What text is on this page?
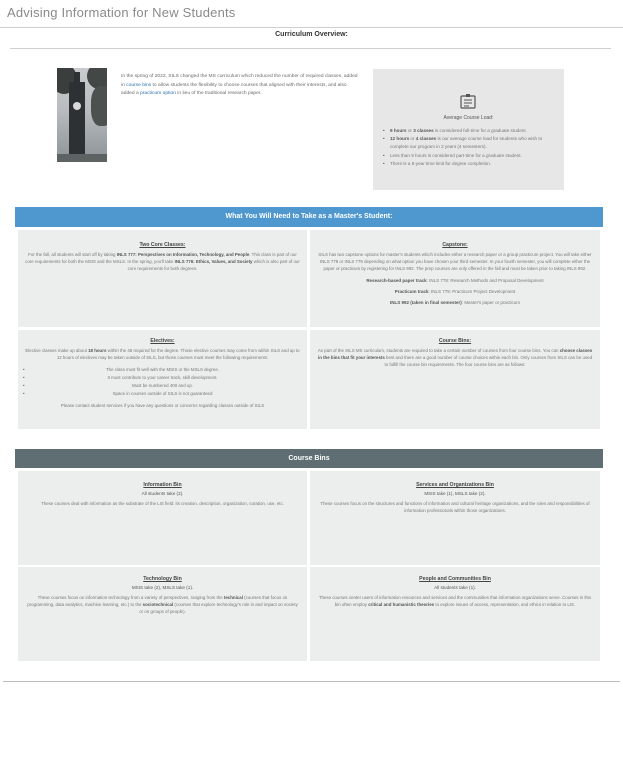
Advising Information for New Students
Curriculum Overview:
In the spring of 2022, SILS changed the MS curriculum which reduced the number of required classes, added in course bins to allow students the flexibility to choose courses that aligned with their interests, and also added a practicum option in lieu of the traditional research paper.
Average Course Load:
• 9 hours or 3 classes is considered full-time for a graduate student.
• 12 hours or 4 classes is our average course load for students who wish to complete our program in 2 years (4 semesters).
• Less than 9 hours is considered part-time for a graduate student.
• There is a 5-year time limit for degree completion.
What You Will Need to Take as a Master's Student:
Two Core Classes:

For the fall, all students will start off by taking INLS 777: Perspectives on Information, Technology, and People. This class is part of our core requirements for both the MSIS and the MSLS. In the spring, you'll take INLS 776: Ethics, Values, and Society which is also part of our core requirements for both degrees.

Capstone:

SILS has two capstone options for master's students which includes either a research paper or a group practicum project. You will take either INLS 778 or INLS 779 depending on what option you have chosen your third semester. In your fourth semester, you will complete either the paper or practicum by registering for INLS 992. The prep courses are only offered in the fall and must be taken prior to taking INLS 992.

Research-based paper track: INLS 778: Research Methods and Proposal Development
Practicum track: INLS 779: Practicum Project Development
INLS 992 (taken in final semester): Master's paper or practicum
Electives:

Elective classes make up about 18 hours within the 48 required for the degree. Those elective courses may come from within SILS and up to 12 hours of electives may be taken outside of SILS, but those courses must meet the following requirements:

• The class must fit well with the MSIS or the MSLS degree.
• It must contribute to your career track, skill development.
• Must be numbered 400 and up.
• Space in courses outside of SILS is not guaranteed

Please contact student services if you have any questions or concerns regarding classes outside of SILS

Course Bins:

As part of the SILS MS curriculum, students are required to take a certain number of courses from four course bins. You can choose classes in the bins that fit your interests best and there are a good number of course choices within each bin. Only courses from SILS can be used to fulfill the course bin requirements. The four course bins are as follows:

Course Bins
Information Bin
All students take (2).

These courses deal with information as the substrate of the LIS field: its creation, description, organization, curation, use, etc.

Services and Organizations Bin
MSIS take (1), MSLS take (2).

These courses focus on the structures and functions of information and cultural heritage organizations, and the roles and responsibilities of information professionals within those organizations.

Technology Bin
MSIS take (2), MSLS take (1).

These courses focus on information technology from a variety of perspectives, ranging from the technical (courses that focus on programming, data analytics, machine learning, etc.) to the sociotechnical (courses that explore technology's role in and impact on society or on groups of people).

People and Communities Bin
All students take (1).

These courses center users of information resources and services and the communities that information organizations serve. Courses in this bin often employ critical and humanistic theories to explore issues of access, representation, and ethics in relation to LIS.
